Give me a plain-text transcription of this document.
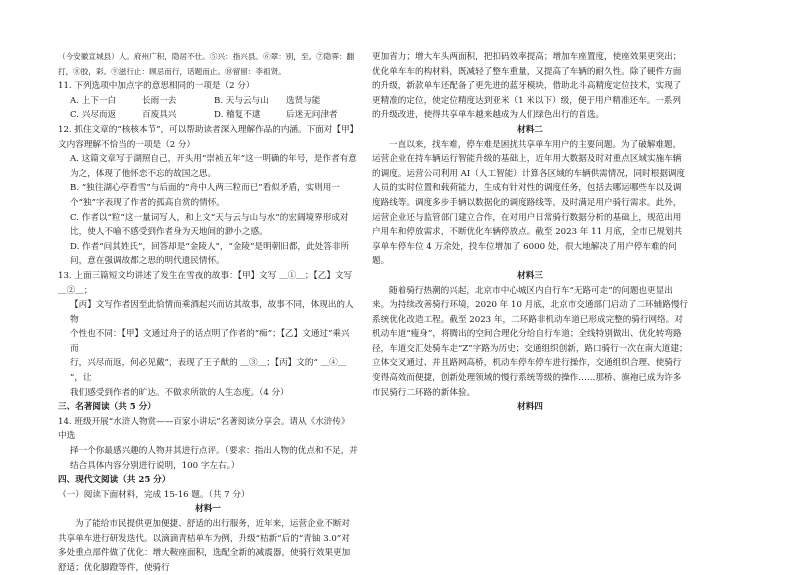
（今安徽宣城县）人。府州广积，隐居不仕。⑤兴：指兴县。⑥翠：别，至。⑦隐霁：翻打，⑧胶，彩。⑨滋行止：顾忌而行，话题而止。⑩留留：李祖贤。

11. 下列选项中加点字的意思相同的一项是（2 分）

A. 上下一白	长雨一去	B. 天与云与山	选贤与能
C. 兴尽而返	百废具兴	D. 稽复不逮	后迷无问津者

12. 抓住文章的“核核本节”，可以帮助读者深入理解作品的内涵。下面对【甲】文内容理解不恰当的一项是（2 分）

A. 这篇文章写于湖照自己，开头用“崇祯五年”这一明确的年号，是作者有意为之，体现了他怀恋不忘的故国之思。

B. “独往湖心亭看雪”与后面的“舟中人两三粒而已”看似矛盾，实则用一个“独”字表现了作者的孤高自赏的情怀。

C. 作者以“粒”这一量词写人，和上文“天与云与山与水”的宏阔境界形成对比，使人不喻不感受到作者身为天地间的渺小之感。

D. 作者“问其姓氏”，回答却是“金陵人”，“金陵”是明朝旧都，此处答非所问，意在强调故都之思的明代遗民情怀。

13. 上面三篇短文均讲述了发生在雪夜的故事：【甲】文写 ＿①＿；【乙】文写 ＿②＿；

【丙】文写作者因至此恰情而乘酒起兴而访其故事，故事不同，体现出的人物

个性也不同：【甲】文通过舟子的话点明了作者的“痴”；【乙】文通过“乘兴而

行，兴尽而返，何必见戴”，表现了王子猷的 ＿③＿；【丙】文的“ ＿④＿ ”，让

我们感受到作者的旷达。不做求所欲的人生态度。（4 分）

三、名著阅读（共 5 分）

14. 班级开展“水浒人物赏——百家小讲坛”名著阅读分享会。请从《水浒传》中选

择一个你最感兴趣的人物并其进行点评。（要求：指出人物的优点和不足，并

结合具体内容分别进行说明，100 字左右。）

四、现代文阅读（共 25 分）

（一）阅读下面材料，完成 15-16 题。（共 7 分）

材料一

为了能给市民提供更加便捷、舒适的出行服务，近年来，运营企业不断对共享单车进行研发迭代。以滴滴青桔单车为例，升级“桔新”后的“青铀 3.0”对多处重点部件做了优化：增大鞍座面积，选配全新的减震器，使骑行效果更加舒适；优化脚蹬等件，使骑行

更加省力；增大车头两面积，把扣码效率提高；增加车座置度，使座效果更突出；优化单车车的构材料，既减轻了整车重量，又提高了车辆的耐久性。除了硬件方面的升级，新款单车还配备了更先进的蓝牙模块，借助北斗高精度定位技术，实现了更精准的定位，使定位精度达到亚米（1 米以下）级，便于用户精准还车。一系列的升级改进，使得共享单车越来越成为人们绿色出行的首选。

材料二

一直以来，找车难，停车难是困扰共享单车用户的主要问题。为了破解难题，运营企业在持车辆运行智能升级的基础上，近年用大数据及时对重点区域实施车辆的调度。运营公司利用 AI（人工智能）计算各区域的车辆供需情况，同时根据调度人员的实时位置和载荷能力，生成有针对性的调度任务，包括去哪运哪些车以及调度路线等。调度多步手辆以数据化的调度路线等，及时满足用户骑行需求。此外，运营企业还与监管部门建立合作，在对用户日常骑行数据分析的基础上，规范出用户用车和停放需求，不断优化车辆停放点。截至 2023 年 11 月底，全市已规划共享单车停车位 4 万余处，投车位增加了 6000 处，很大地解决了用户停车难的问题。

材料三

随着骑行热潮的兴起，北京市中心城区内自行车“无路可走”的问题也更显出来。为持续改善骑行环境，2020 年 10 月底，北京市交通部门启动了二环辅路慢行系统优化改造工程。截至 2023 年，二环路非机动车道已形成完整的骑行网络。对机动车道“瘦身”，将腾出的空间合理化分给自行车道；全线特别做出、优化转弯路径，车道交汇处骑车走“Z”字路为历史；交通组织创新，路口骑行一次在南大道建；立体交叉通过、并且路网高桥，机动车停车停车进行操作，交通组织合理、使骑行变得高效而便捷，创新处理领域的慢行系统等级的操作……那桥、旗袍已成为许多市民骑行二环路的新体验。

材料四
